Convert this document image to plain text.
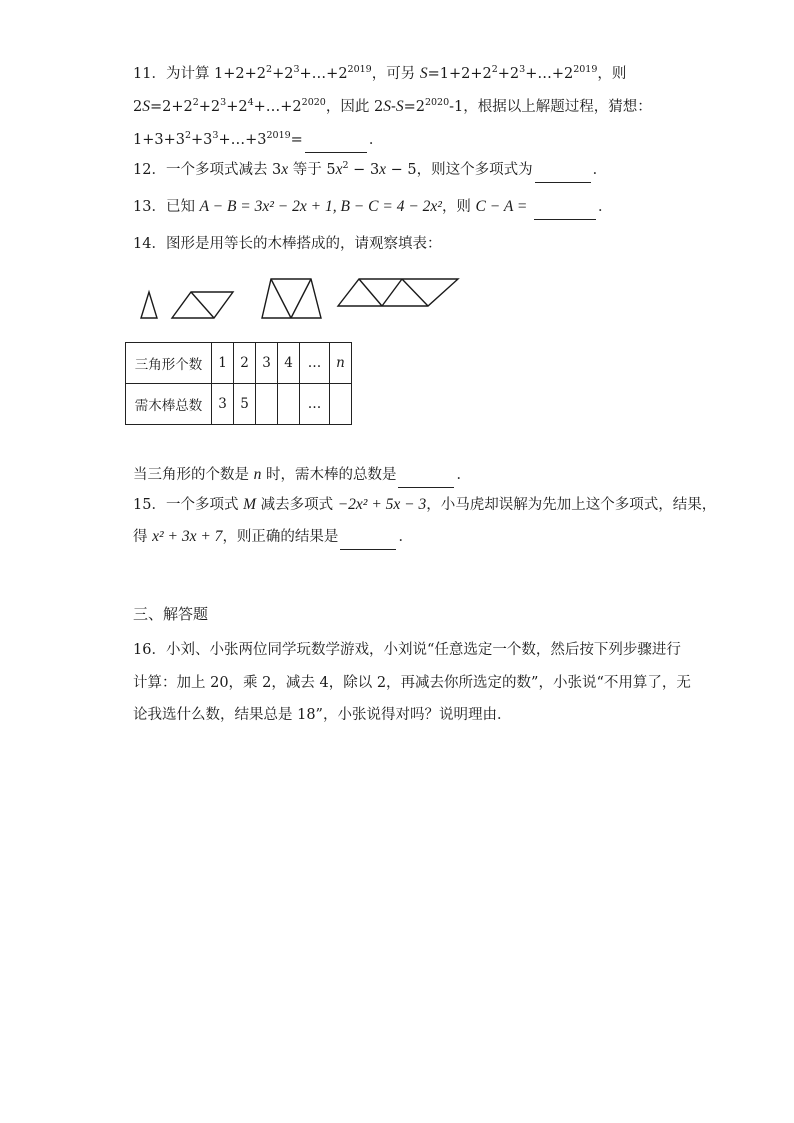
11．为计算 $1+2+2^2+2^3+\dots+2^{2019}$，可另 $S=1+2+2^2+2^3+\dots+2^{2019}$，则
$2S=2+2^2+2^3+2^4+\dots+2^{2020}$，因此 $2S-S=2^{2020}-1$，根据以上解题过程，猜想：
$1+3+3^2+3^3+\dots+3^{2019}=$	．
12．一个多项式减去 3x 等于 $5x^2 - 3x - 5$，则这个多项式为	．
13．已知 A − B = 3x² − 2x + 1, B − C = 4 − 2x²，则 C − A =	．
14．图形是用等长的木棒搭成的，请观察填表：
三角形个数	1	2	3	4	…	n
需木棒总数	3	5			…	
当三角形的个数是 n 时，需木棒的总数是	．
15．一个多项式 M 减去多项式 −2x² + 5x − 3，小马虎却误解为先加上这个多项式，结果，
得 x² + 3x + 7，则正确的结果是	．
三、解答题
16．小刘、小张两位同学玩数学游戏，小刘说“任意选定一个数，然后按下列步骤进行
计算：加上 20，乘 2，减去 4，除以 2，再减去你所选定的数”，小张说“不用算了，无
论我选什么数，结果总是 18”，小张说得对吗？说明理由．
